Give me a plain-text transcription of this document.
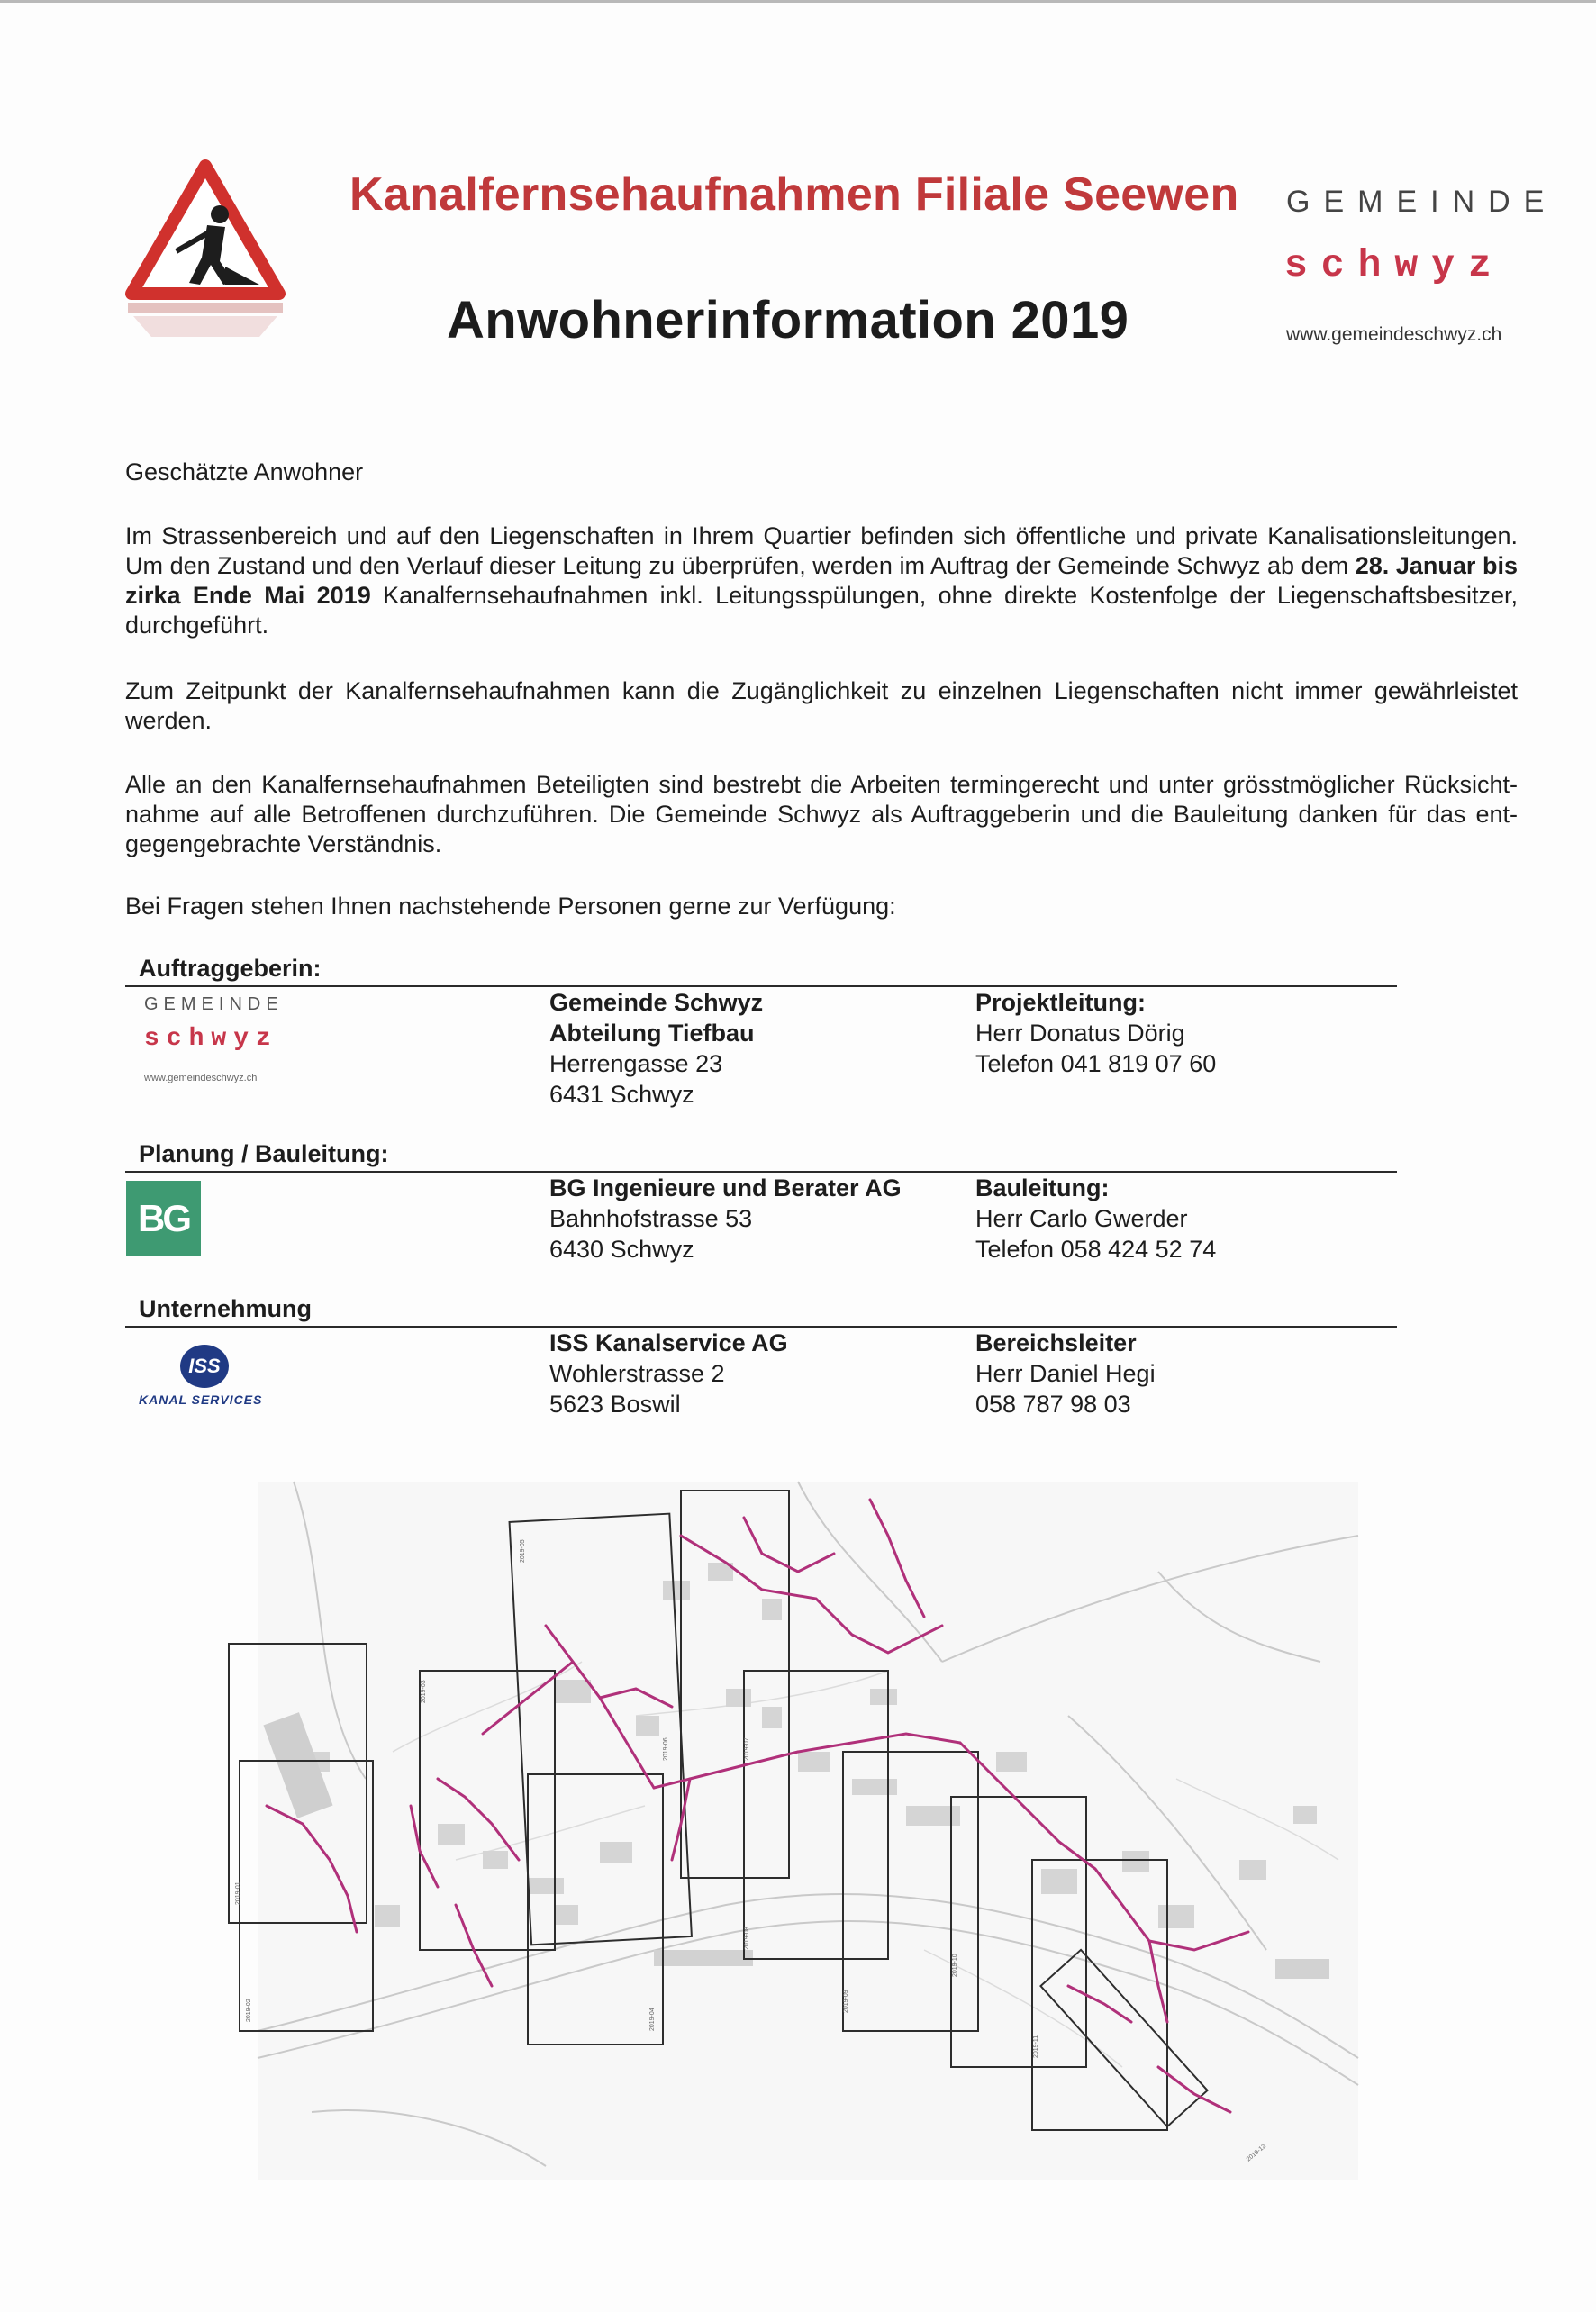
Kanalfernsehaufnahmen Filiale Seewen
Anwohnerinformation 2019
GEMEINDE
schwyz
www.gemeindeschwyz.ch
Geschätzte Anwohner
Im Strassenbereich und auf den Liegenschaften in Ihrem Quartier befinden sich öffentliche und private Kanalisationsleitungen. Um den Zustand und den Verlauf dieser Leitung zu überprüfen, werden im Auftrag der Gemeinde Schwyz ab dem 28. Januar bis zirka Ende Mai 2019 Kanalfernsehaufnahmen inkl. Leitungsspülungen, ohne direkte Kostenfolge der Liegenschaftsbesitzer, durchgeführt.
Zum Zeitpunkt der Kanalfernsehaufnahmen kann die Zugänglichkeit zu einzelnen Liegenschaften nicht immer gewährleistet werden.
Alle an den Kanalfernsehaufnahmen Beteiligten sind bestrebt die Arbeiten termingerecht und unter grösstmöglicher Rücksicht-nahme auf alle Betroffenen durchzuführen. Die Gemeinde Schwyz als Auftraggeberin und die Bauleitung danken für das ent-gegengebrachte Verständnis.
Bei Fragen stehen Ihnen nachstehende Personen gerne zur Verfügung:
Auftraggeberin:
GEMEINDE
schwyz
www.gemeindeschwyz.ch
Gemeinde Schwyz
Abteilung Tiefbau
Herrengasse 23
6431 Schwyz
Projektleitung:
Herr Donatus Dörig
Telefon 041 819 07 60
Planung / Bauleitung:
BG
BG Ingenieure und Berater AG
Bahnhofstrasse 53
6430 Schwyz
Bauleitung:
Herr Carlo Gwerder
Telefon 058 424 52 74
Unternehmung
ISS
KANAL SERVICES
ISS Kanalservice AG
Wohlerstrasse 2
5623 Boswil
Bereichsleiter
Herr Daniel Hegi
058 787 98 03
2019-01
2019-02
2019-03
2019-04
2019-05
2019-06	2019-07
2019-08
2019-09
2019-10
2019-11
2019-12
